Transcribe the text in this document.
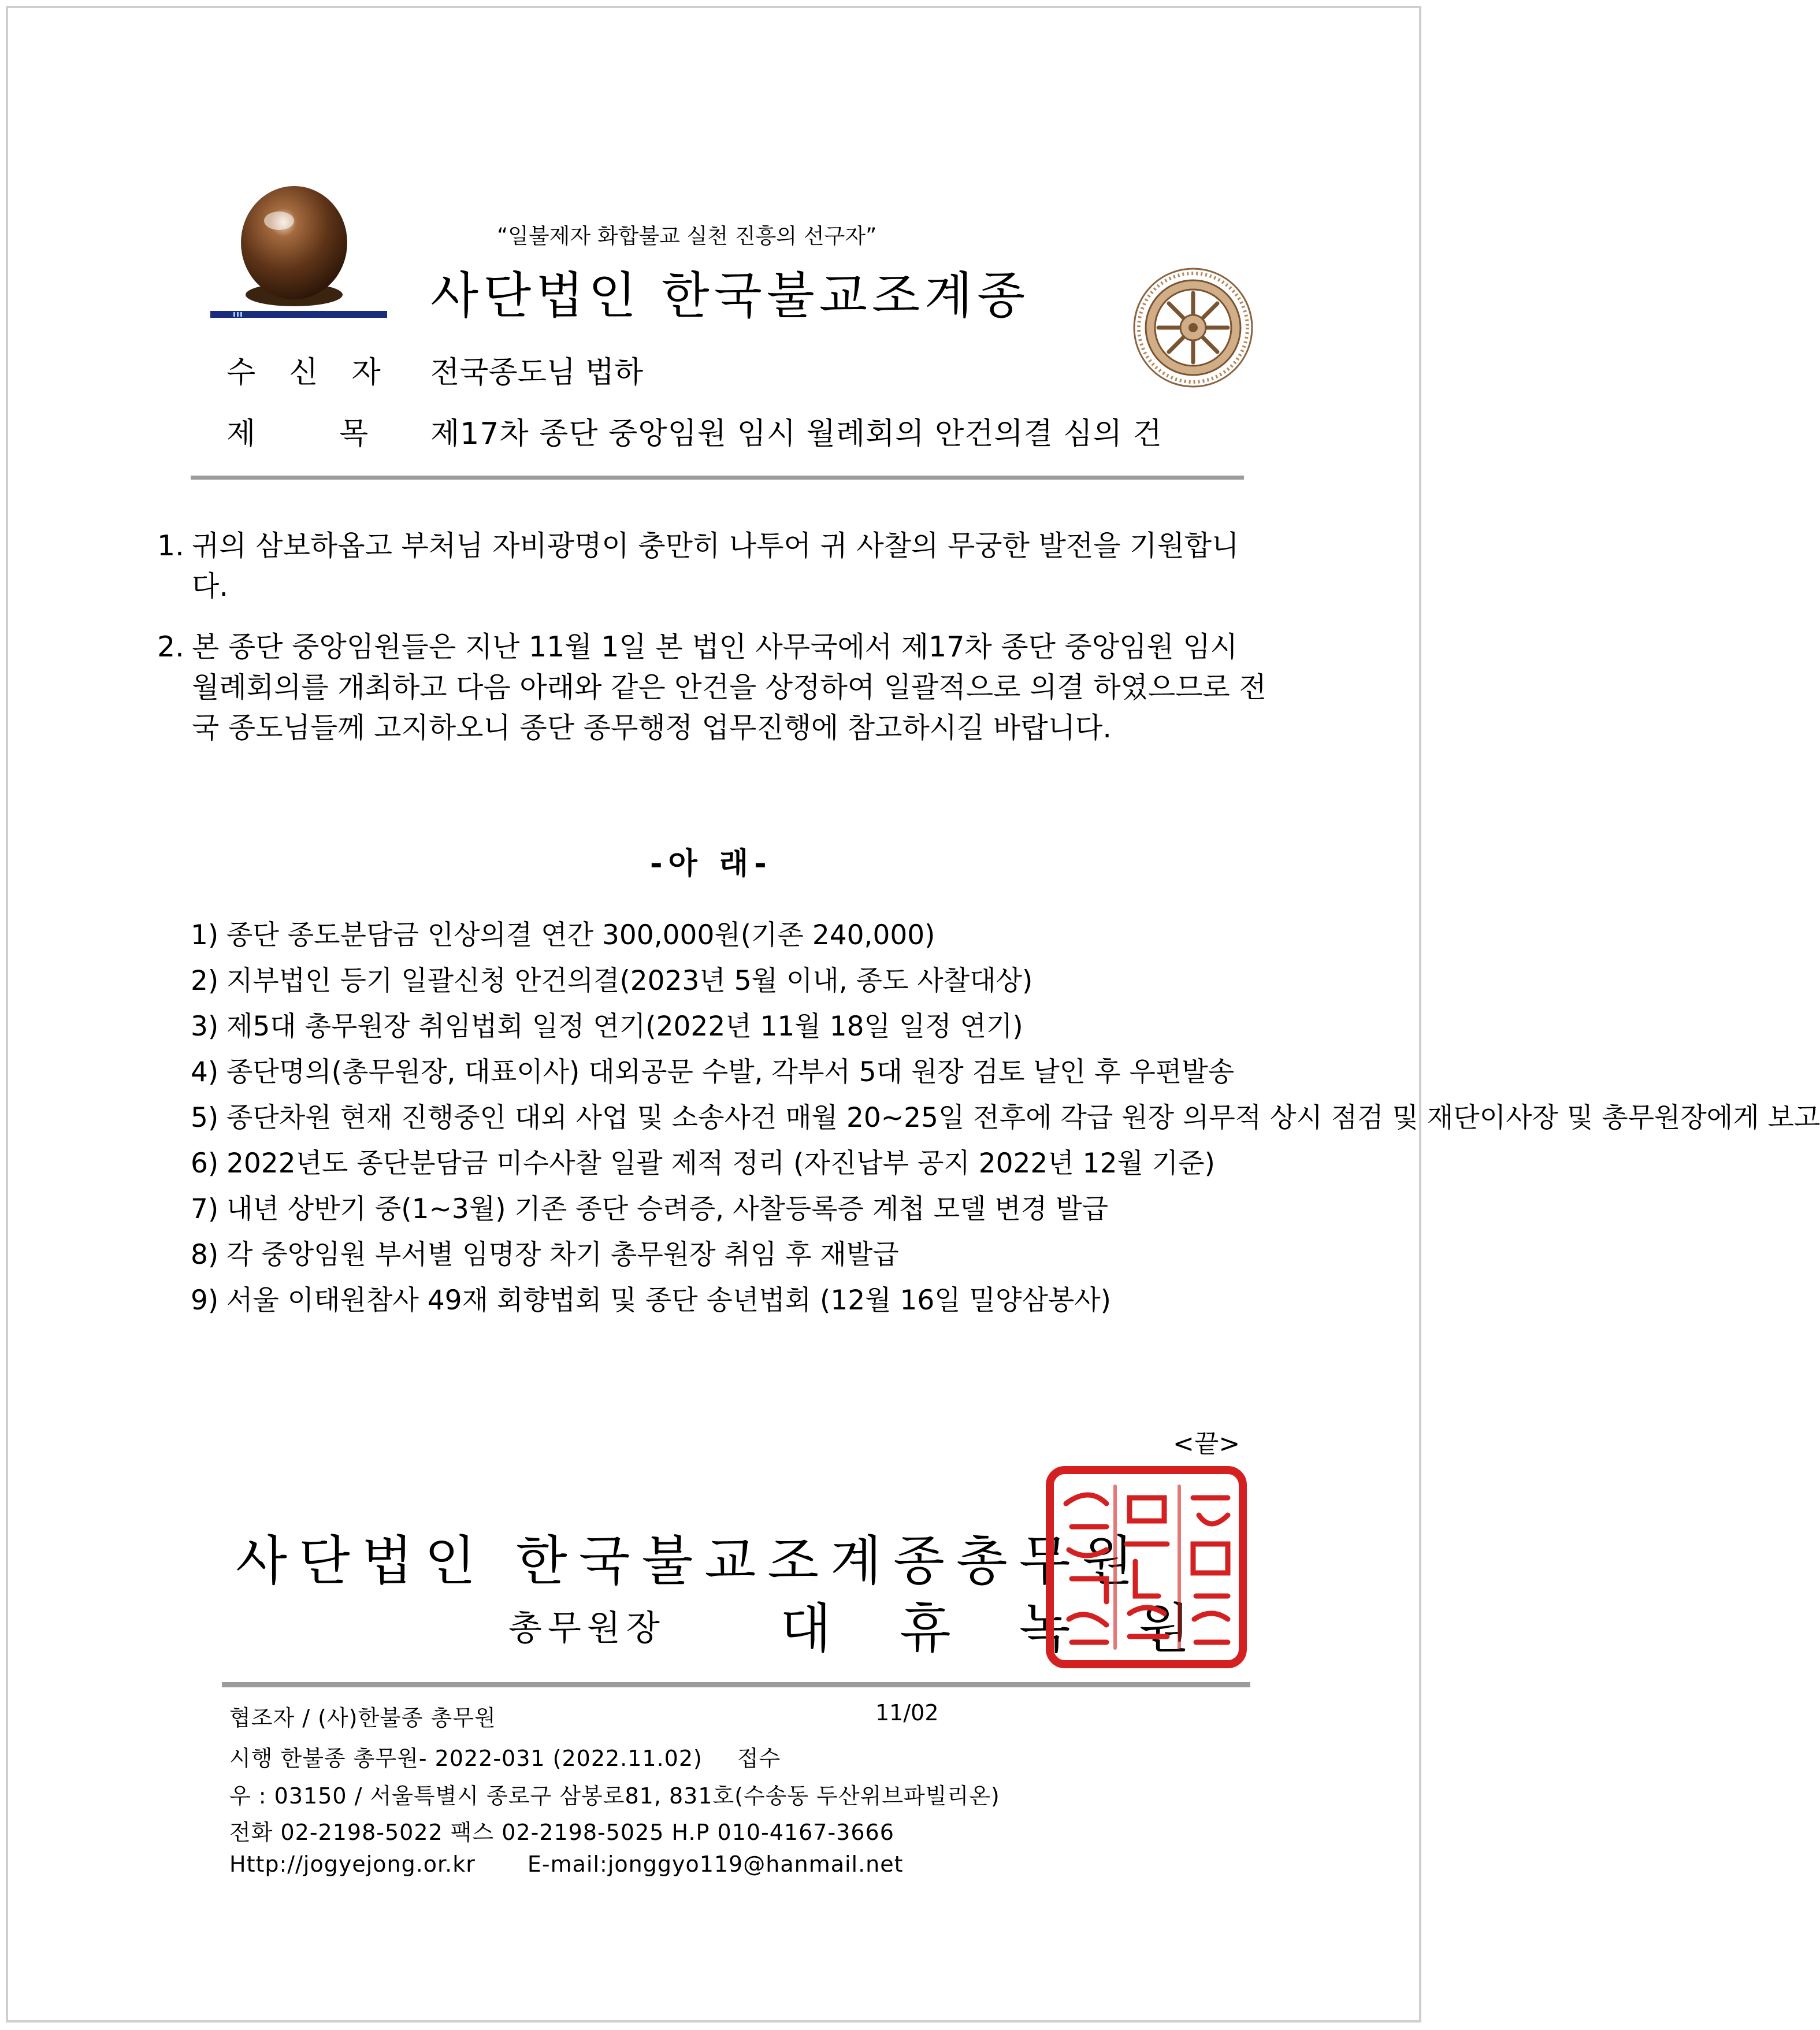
“일불제자 화합불교 실천 진흥의 선구자”
사단법인 한국불교조계종
수신자 전국종도님 법하
제	목 제17차 종단 중앙임원 임시 월례회의 안건의결 심의 건
1. 귀의 삼보하옵고 부처님 자비광명이 충만히 나투어 귀 사찰의 무궁한 발전을 기원합니다.
2. 본 종단 중앙임원들은 지난 11월 1일 본 법인 사무국에서 제17차 종단 중앙임원 임시 월례회의를 개최하고 다음 아래와 같은 안건을 상정하여 일괄적으로 의결 하였으므로 전국 종도님들께 고지하오니 종단 종무행정 업무진행에 참고하시길 바랍니다.
-아 래-
1) 종단 종도분담금 인상의결 연간 300,000원(기존 240,000)
2) 지부법인 등기 일괄신청 안건의결(2023년 5월 이내, 종도 사찰대상)
3) 제5대 총무원장 취임법회 일정 연기(2022년 11월 18일 일정 연기)
4) 종단명의(총무원장, 대표이사) 대외공문 수발, 각부서 5대 원장 검토 날인 후 우편발송
5) 종단차원 현재 진행중인 대외 사업 및 소송사건 매월 20~25일 전후에 각급 원장 의무적 상시 점검 및 재단이사장 및 총무원장에게 보고
6) 2022년도 종단분담금 미수사찰 일괄 제적 정리 (자진납부 공지 2022년 12월 기준)
7) 내년 상반기 중(1~3월) 기존 종단 승려증, 사찰등록증 계첩 모델 변경 발급
8) 각 중앙임원 부서별 임명장 차기 총무원장 취임 후 재발급
9) 서울 이태원참사 49재 회향법회 및 종단 송년법회 (12월 16일 밀양삼봉사)
<끝>
사단법인 한국불교조계종총무원
총무원장 대휴녹원
협조자 / (사)한불종 총무원	11/02
시행 한불종 총무원- 2022-031 (2022.11.02) 접수
우 : 03150 / 서울특별시 종로구 삼봉로81, 831호(수송동 두산위브파빌리온)
전화 02-2198-5022 팩스 02-2198-5025 H.P 010-4167-3666
Http://jogyejong.or.kr E-mail:jonggyo119@hanmail.net
